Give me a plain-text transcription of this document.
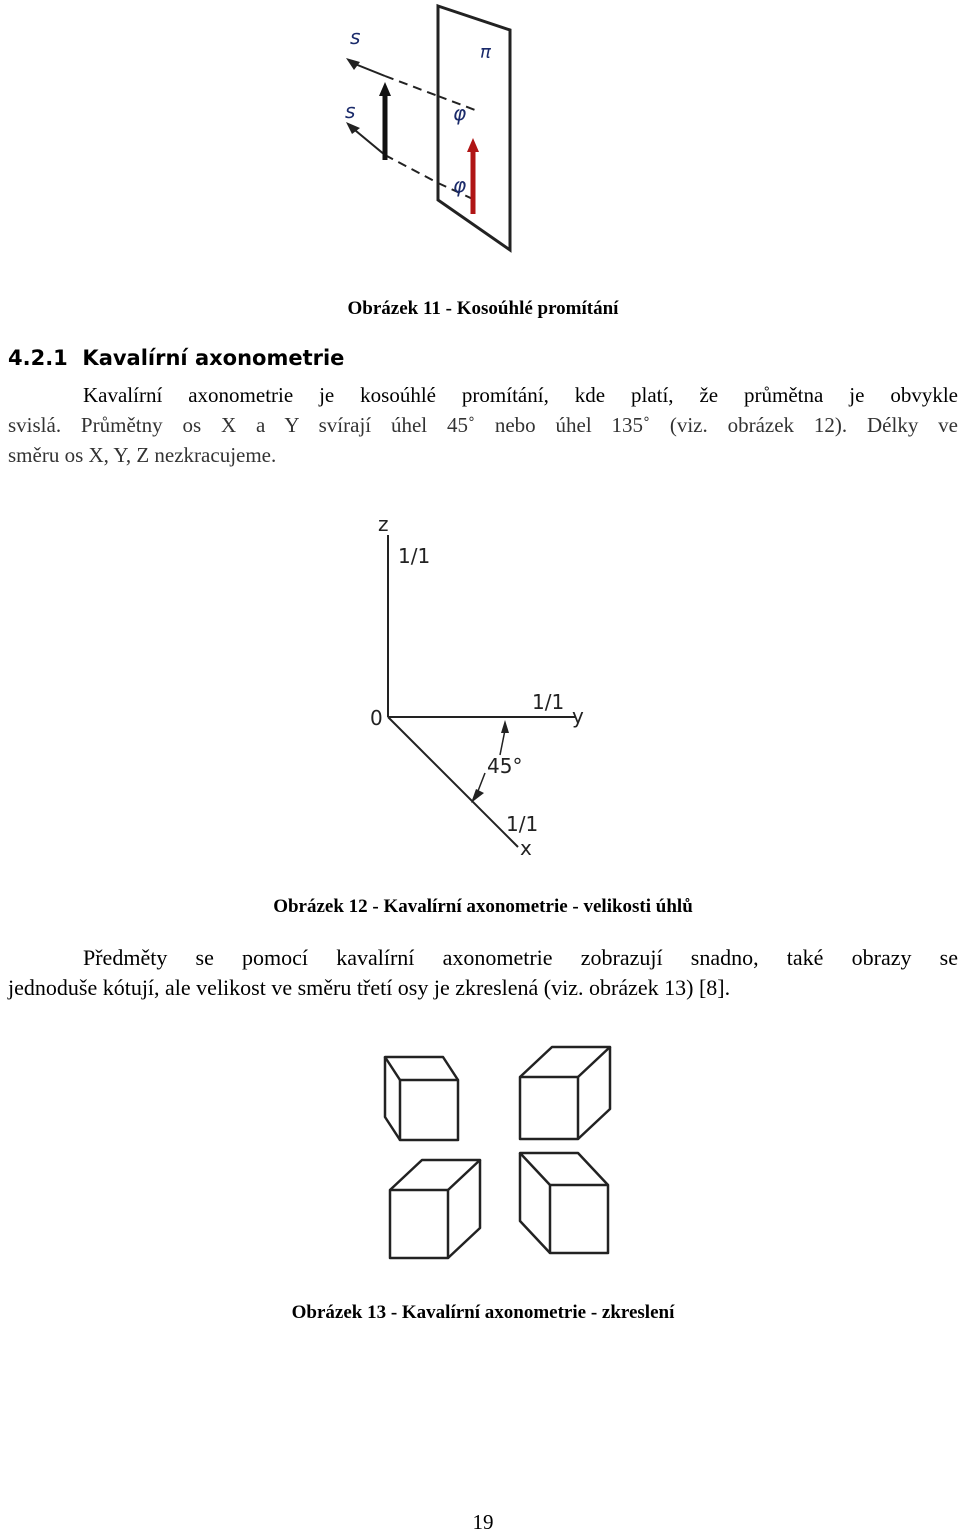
s
s
π
φ
φ
Obrázek 11 - Kosoúhlé promítání
4.2.1 Kavalírní axonometrie
Kavalírní axonometrie je kosoúhlé promítání, kde platí, že průmětna je obvykle
svislá. Průmětny os X a Y svírají úhel 45˚ nebo úhel 135˚ (viz. obrázek 12). Délky ve
směru os X, Y, Z nezkracujeme.
z
1/1
0
1/1
y
45°
1/1
x
Obrázek 12 - Kavalírní axonometrie - velikosti úhlů
Předměty se pomocí kavalírní axonometrie zobrazují snadno, také obrazy se
jednoduše kótují, ale velikost ve směru třetí osy je zkreslená (viz. obrázek 13) [8].
Obrázek 13 - Kavalírní axonometrie - zkreslení
19
